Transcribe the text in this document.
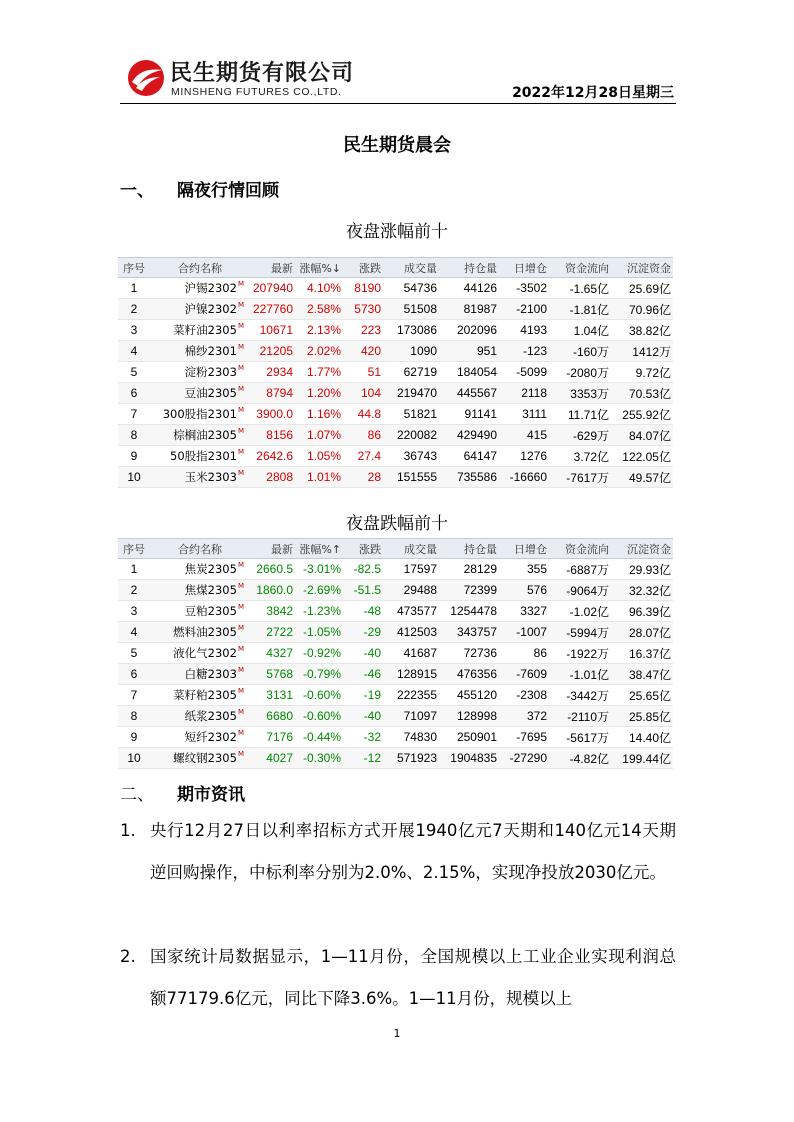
民生期货有限公司
MINSHENG FUTURES CO.,LTD.	2022年12月28日星期三
民生期货晨会
一、 隔夜行情回顾
夜盘涨幅前十
序号	合约名称	最新	涨幅%↓	涨跌	成交量	持仓量	日增仓	资金流向	沉淀资金
1	沪锡$2302^M$	207940	4.10%	8190	54736	44126	-3502	-1.65亿	25.69亿
2	沪镍$2302^M$	227760	2.58%	5730	51508	81987	-2100	-1.81亿	70.96亿
3	菜籽油$2305^M$	10671	2.13%	223	173086	202096	4193	1.04亿	38.82亿
4	棉纱$2301^M$	21205	2.02%	420	1090	951	-123	-160万	1412万
5	淀粉$2303^M$	2934	1.77%	51	62719	184054	-5099	-2080万	9.72亿
6	豆油$2305^M$	8794	1.20%	104	219470	445567	2118	3353万	70.53亿
7	300股指$2301^M$	3900.0	1.16%	44.8	51821	91141	3111	11.71亿	255.92亿
8	棕榈油$2305^M$	8156	1.07%	86	220082	429490	415	-629万	84.07亿
9	50股指$2301^M$	2642.6	1.05%	27.4	36743	64147	1276	3.72亿	122.05亿
10	玉米$2303^M$	2808	1.01%	28	151555	735586	-16660	-7617万	49.57亿
夜盘跌幅前十
序号	合约名称	最新	涨幅%↑	涨跌	成交量	持仓量	日增仓	资金流向	沉淀资金
1	焦炭$2305^M$	2660.5	-3.01%	-82.5	17597	28129	355	-6887万	29.93亿
2	焦煤$2305^M$	1860.0	-2.69%	-51.5	29488	72399	576	-9064万	32.32亿
3	豆粕$2305^M$	3842	-1.23%	-48	473577	1254478	3327	-1.02亿	96.39亿
4	燃料油$2305^M$	2722	-1.05%	-29	412503	343757	-1007	-5994万	28.07亿
5	液化气$2302^M$	4327	-0.92%	-40	41687	72736	86	-1922万	16.37亿
6	白糖$2303^M$	5768	-0.79%	-46	128915	476356	-7609	-1.01亿	38.47亿
7	菜籽粕$2305^M$	3131	-0.60%	-19	222355	455120	-2308	-3442万	25.65亿
8	纸浆$2305^M$	6680	-0.60%	-40	71097	128998	372	-2110万	25.85亿
9	短纤$2302^M$	7176	-0.44%	-32	74830	250901	-7695	-5617万	14.40亿
10	螺纹钢$2305^M$	4027	-0.30%	-12	571923	1904835	-27290	-4.82亿	199.44亿
二、 期市资讯
1. 央行12月27日以利率招标方式开展1940亿元7天期和140亿元14天期逆回购操作，中标利率分别为2.0%、2.15%，实现净投放2030亿元。
2. 国家统计局数据显示，1—11月份，全国规模以上工业企业实现利润总额77179.6亿元，同比下降3.6%。1—11月份，规模以上
1
